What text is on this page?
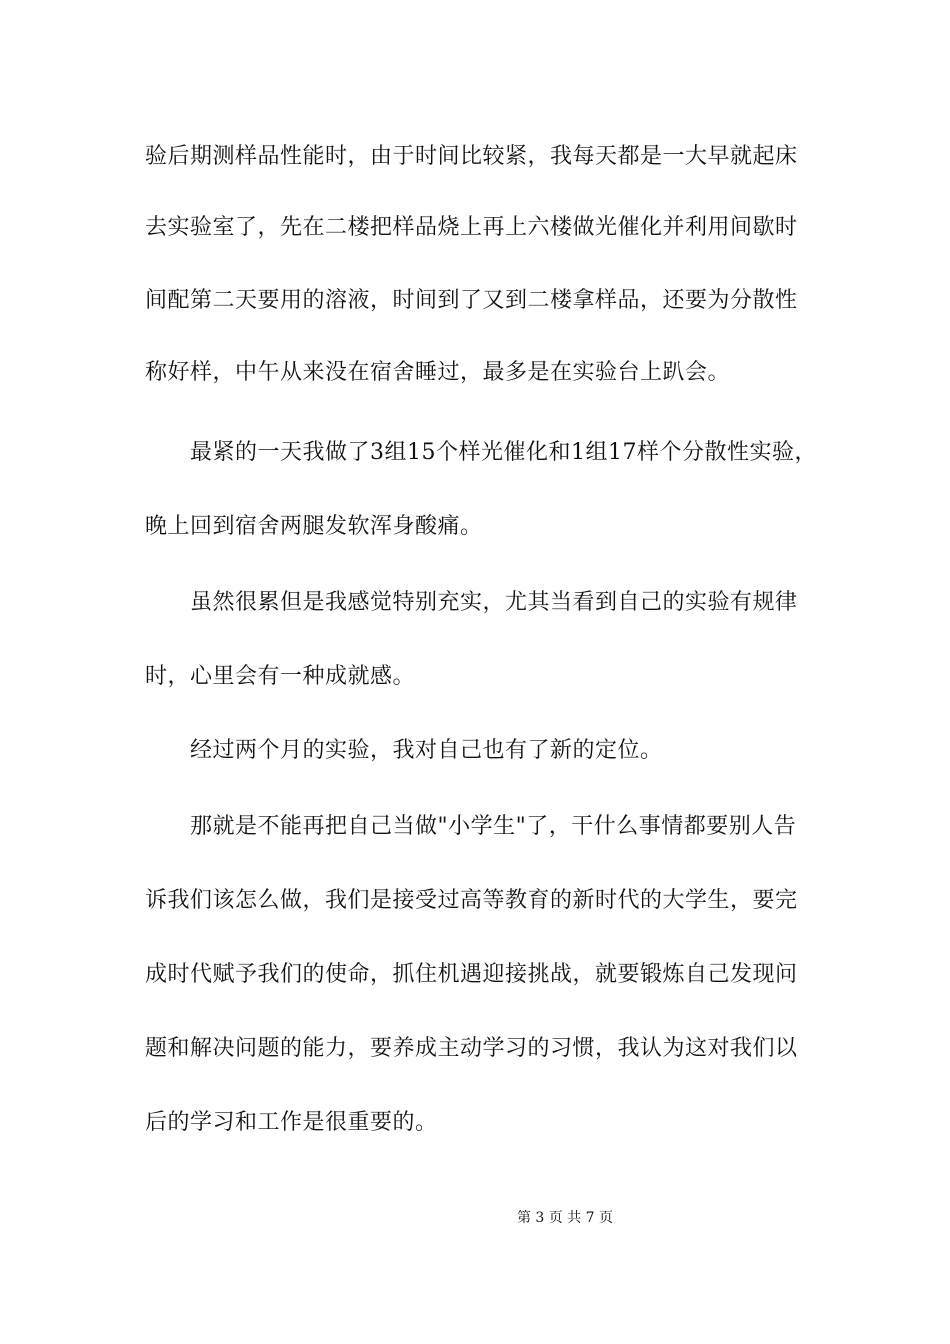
验后期测样品性能时，由于时间比较紧，我每天都是一大早就起床
去实验室了，先在二楼把样品烧上再上六楼做光催化并利用间歇时
间配第二天要用的溶液，时间到了又到二楼拿样品，还要为分散性
称好样，中午从来没在宿舍睡过，最多是在实验台上趴会。
最紧的一天我做了3组15个样光催化和1组17样个分散性实验，
晚上回到宿舍两腿发软浑身酸痛。
虽然很累但是我感觉特别充实，尤其当看到自己的实验有规律
时，心里会有一种成就感。
经过两个月的实验，我对自己也有了新的定位。
那就是不能再把自己当做"小学生"了，干什么事情都要别人告
诉我们该怎么做，我们是接受过高等教育的新时代的大学生，要完
成时代赋予我们的使命，抓住机遇迎接挑战，就要锻炼自己发现问
题和解决问题的能力，要养成主动学习的习惯，我认为这对我们以
后的学习和工作是很重要的。
第 3 页 共 7 页
